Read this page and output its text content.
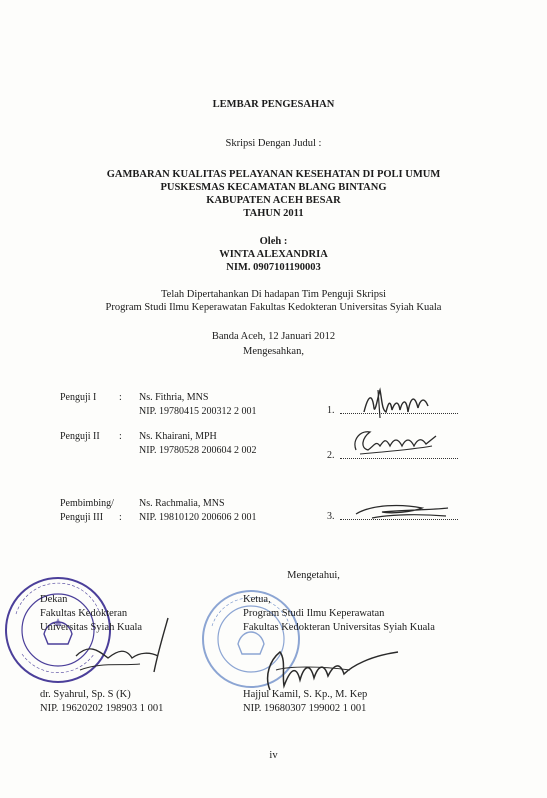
LEMBAR PENGESAHAN
Skripsi Dengan Judul :
GAMBARAN KUALITAS PELAYANAN KESEHATAN DI POLI UMUM
PUSKESMAS KECAMATAN BLANG BINTANG
KABUPATEN ACEH BESAR
TAHUN 2011
Oleh :
WINTA ALEXANDRIA
NIM. 0907101190003
Telah Dipertahankan Di hadapan Tim Penguji Skripsi
Program Studi Ilmu Keperawatan Fakultas Kedokteran Universitas Syiah Kuala
Banda Aceh, 12 Januari 2012
Mengesahkan,
Penguji I : Ns. Fithria, MNS
NIP. 19780415 200312 2 001	1.
Penguji II : Ns. Khairani, MPH
NIP. 19780528 200604 2 002	2.
Pembimbing/
Penguji III :
Ns. Rachmalia, MNS
NIP. 19810120 200606 2 001	3.
Mengetahui,
Dekan
Fakultas Kedokteran
Universitas Syiah Kuala
dr. Syahrul, Sp. S (K)
NIP. 19620202 198903 1 001
Ketua,
Program Studi Ilmu Keperawatan
Fakultas Kedokteran Universitas Syiah Kuala
Hajjul Kamil, S. Kp., M. Kep
NIP. 19680307 199002 1 001
iv
